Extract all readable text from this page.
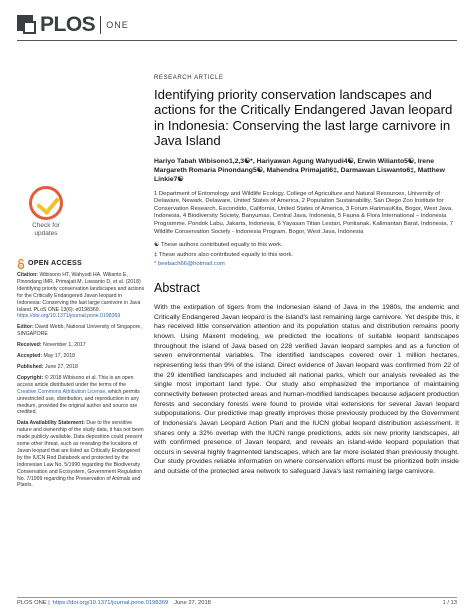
PLOS ONE
Check for updates
OPEN ACCESS

Citation: Wibisono HT, Wahyudi HA, Wilianto E, Pinondang IMR, Primajati M, Liswanto D, et al. (2018) Identifying priority conservation landscapes and actions for the Critically Endangered Javan leopard in Indonesia: Conserving the last large carnivore in Java Island. PLoS ONE 13(6): e0198369. https://doi.org/10.1371/journal.pone.0198369

Editor: David Webb, National University of Singapore, SINGAPORE

Received: November 1, 2017

Accepted: May 17, 2018

Published: June 27, 2018

Copyright: © 2018 Wibisono et al. This is an open access article distributed under the terms of the Creative Commons Attribution License, which permits unrestricted use, distribution, and reproduction in any medium, provided the original author and source are credited.

Data Availability Statement: Due to the sensitive nature and ownership of the study data, it has not been made publicly available. Data deposition could present some other threat, such as revealing the locations of Javan leopard that are listed as Critically Endangered by the IUCN Red Databook and protected by the Indonesian Law No. 5/1990 regarding the Biodiversity Conservation and Ecosystem, Government Regulation No. 7/1999 regarding the Preservation of Animals and Plants.

RESEARCH ARTICLE
Identifying priority conservation landscapes and actions for the Critically Endangered Javan leopard in Indonesia: Conserving the last large carnivore in Java Island
Hariyo Tabah Wibisono1,2,3☯*, Hariyawan Agung Wahyudi4☯, Erwin Wilianto5☯, Irene Margareth Romaria Pinondang5☯, Mahendra Primajati6‡, Darmawan Liswanto6‡, Matthew Linkie7☯
1 Department of Entomology and Wildlife Ecology, College of Agriculture and Natural Resources, University of Delaware, Newark, Delaware, United States of America, 2 Population Sustainability, San Diego Zoo Institute for Conservation Research, Escondido, California, United States of America, 3 Forum HarimauKita, Bogor, West Java, Indonesia, 4 Biodiversity Society, Banyumas, Central Java, Indonesia, 5 Fauna & Flora International – Indonesia Programme, Pondok Labu, Jakarta, Indonesia, 6 Yayasan Titian Lestari, Pontianak, Kalimantan Barat, Indonesia, 7 Wildlife Conservation Society - Indonesia Program, Bogor, West Java, Indonesia
☯ These authors contributed equally to this work.
‡ These authors also contributed equally to this work.
* beebach66@hotmail.com
Abstract
With the extirpation of tigers from the Indonesian island of Java in the 1980s, the endemic and Critically Endangered Javan leopard is the island's last remaining large carnivore. Yet despite this, it has received little conservation attention and its population status and distribution remains poorly known. Using Maxent modeling, we predicted the locations of suitable leopard landscapes throughout the island of Java based on 228 verified Javan leopard samples and as a function of seven environmental variables. The identified landscapes covered over 1 million hectares, representing less than 9% of the island. Direct evidence of Javan leopard was confirmed from 22 of the 29 identified landscapes and included all national parks, which our analysis revealed as the single most important land type. Our study also emphasized the importance of maintaining connectivity between protected areas and human-modified landscapes because adjacent production forests and secondary forests were found to provide vital extensions for several Javan leopard subpopulations. Our predictive map greatly improves those previously produced by the Government of Indonesia's Javan Leopard Action Plan and the IUCN global leopard distribution assessment. It shares only a 32% overlap with the IUCN range predictions, adds six new priority landscapes, all with confirmed presence of Javan leopard, and reveals an island-wide leopard population that occurs in several highly fragmented landscapes, which are far more isolated than previously thought. Our study provides reliable information on where conservation efforts must be prioritized both inside and outside of the protected area network to safeguard Java's last remaining large carnivore.
PLOS ONE | https://doi.org/10.1371/journal.pone.0198369 June 27, 2018	1 / 13
